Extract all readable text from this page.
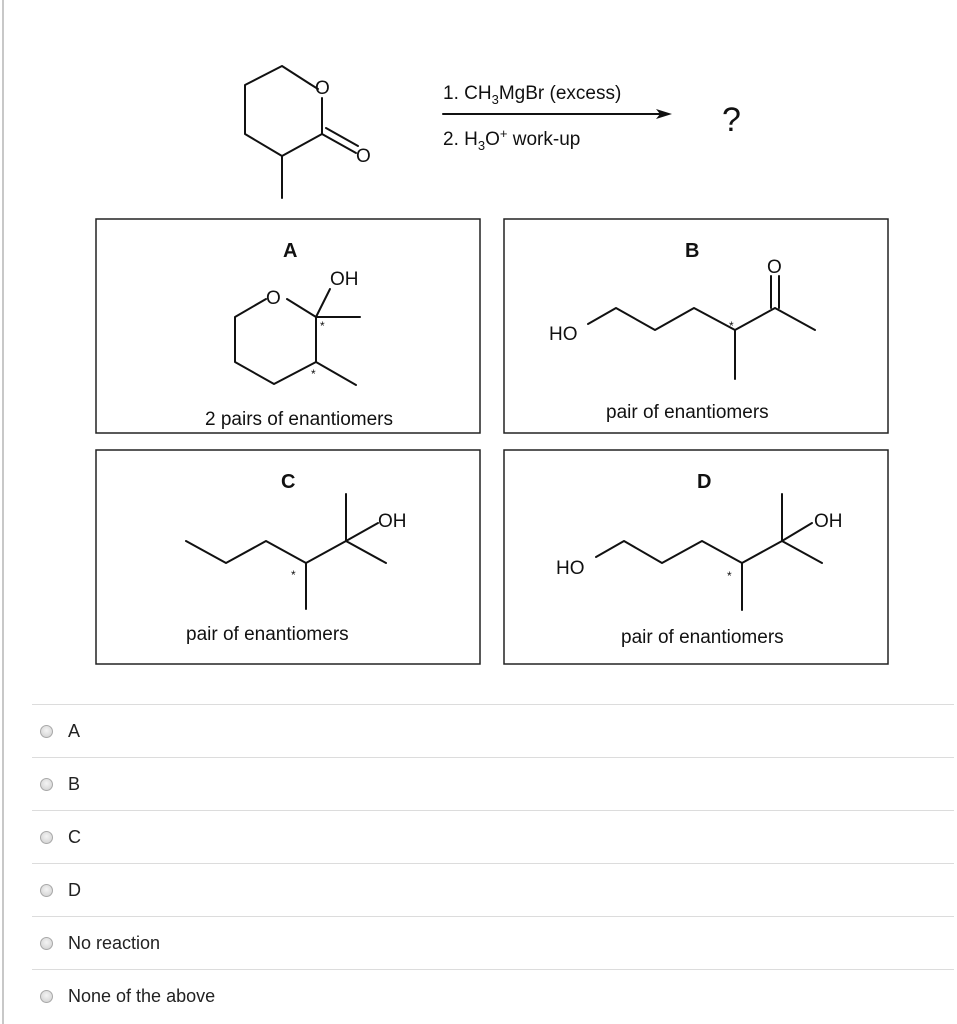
O
O
1. $CH_3MgBr$ (excess)
2. $H_3O^+$ work-up
?
A
OH
O
*
*
2 pairs of enantiomers
B
O
HO	*
pair of enantiomers
C
OH
*
pair of enantiomers
D
OH
HO	*
pair of enantiomers
A
B
C
D
No reaction
None of the above
